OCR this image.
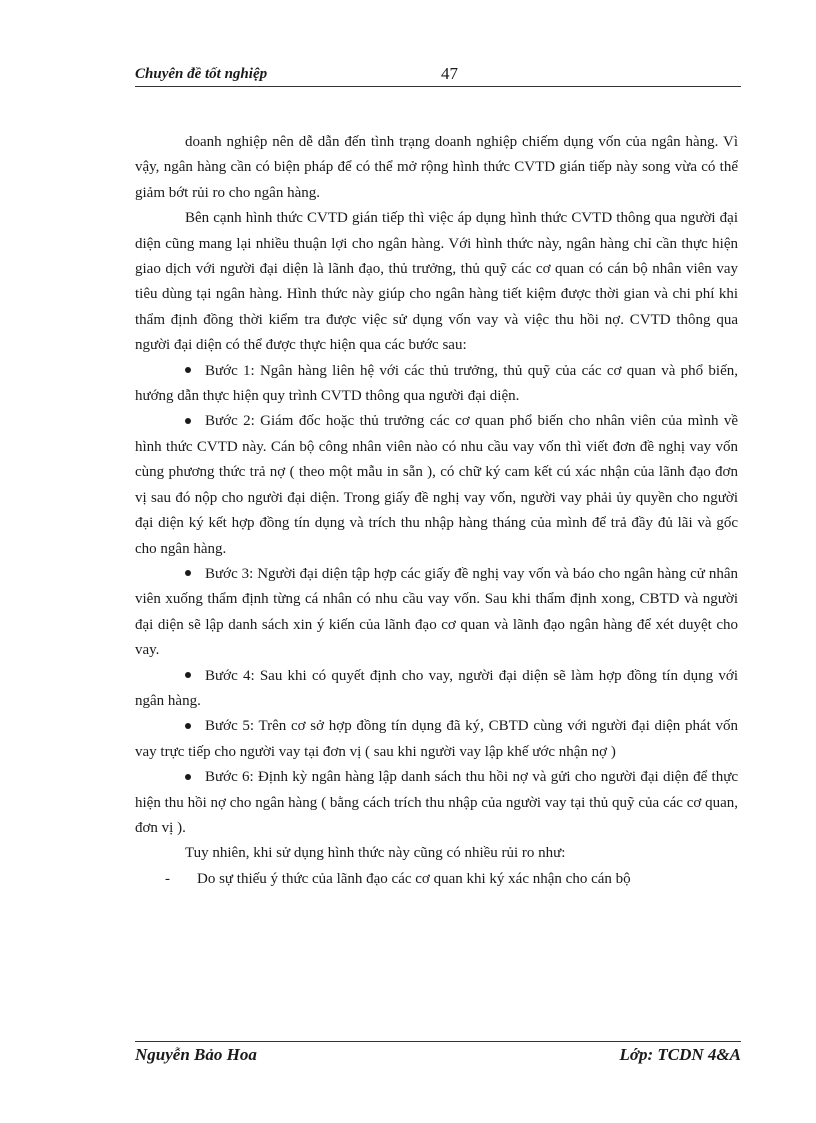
Chuyên đề tốt nghiệp	47

doanh nghiệp nên dễ dẫn đến tình trạng doanh nghiệp chiếm dụng vốn của ngân hàng. Vì vậy, ngân hàng cần có biện pháp để có thể mở rộng hình thức CVTD gián tiếp này song vừa có thể giảm bớt rủi ro cho ngân hàng.

Bên cạnh hình thức CVTD gián tiếp thì việc áp dụng hình thức CVTD thông qua người đại diện cũng mang lại nhiều thuận lợi cho ngân hàng. Với hình thức này, ngân hàng chỉ cần thực hiện giao dịch với người đại diện là lãnh đạo, thủ trưởng, thủ quỹ các cơ quan có cán bộ nhân viên vay tiêu dùng tại ngân hàng. Hình thức này giúp cho ngân hàng tiết kiệm được thời gian và chi phí khi thẩm định đồng thời kiểm tra được việc sử dụng vốn vay và việc thu hồi nợ. CVTD thông qua người đại diện có thể được thực hiện qua các bước sau:

Bước 1: Ngân hàng liên hệ với các thủ trưởng, thủ quỹ của các cơ quan và phổ biến, hướng dẫn thực hiện quy trình CVTD thông qua người đại diện.

Bước 2: Giám đốc hoặc thủ trưởng các cơ quan phổ biến cho nhân viên của mình về hình thức CVTD này. Cán bộ công nhân viên nào có nhu cầu vay vốn thì viết đơn đề nghị vay vốn cùng phương thức trả nợ ( theo một mẫu in sẵn ), có chữ ký cam kết cú xác nhận của lãnh đạo đơn vị sau đó nộp cho người đại diện. Trong giấy đề nghị vay vốn, người vay phải ủy quyền cho người đại diện ký kết hợp đồng tín dụng và trích thu nhập hàng tháng của mình để trả đầy đủ lãi và gốc cho ngân hàng.

Bước 3: Người đại diện tập hợp các giấy đề nghị vay vốn và báo cho ngân hàng cử nhân viên xuống thẩm định từng cá nhân có nhu cầu vay vốn. Sau khi thẩm định xong, CBTD và người đại diện sẽ lập danh sách xin ý kiến của lãnh đạo cơ quan và lãnh đạo ngân hàng để xét duyệt cho vay.

Bước 4: Sau khi có quyết định cho vay, người đại diện sẽ làm hợp đồng tín dụng với ngân hàng.

Bước 5: Trên cơ sở hợp đồng tín dụng đã ký, CBTD cùng với người đại diện phát vốn vay trực tiếp cho người vay tại đơn vị ( sau khi người vay lập khế ước nhận nợ )

Bước 6: Định kỳ ngân hàng lập danh sách thu hồi nợ và gửi cho người đại diện để thực hiện thu hồi nợ cho ngân hàng ( bằng cách trích thu nhập của người vay tại thủ quỹ của các cơ quan, đơn vị ).

Tuy nhiên, khi sử dụng hình thức này cũng có nhiều rủi ro như:

- Do sự thiếu ý thức của lãnh đạo các cơ quan khi ký xác nhận cho cán bộ

Nguyễn Bảo Hoa	Lớp: TCDN 4&A
